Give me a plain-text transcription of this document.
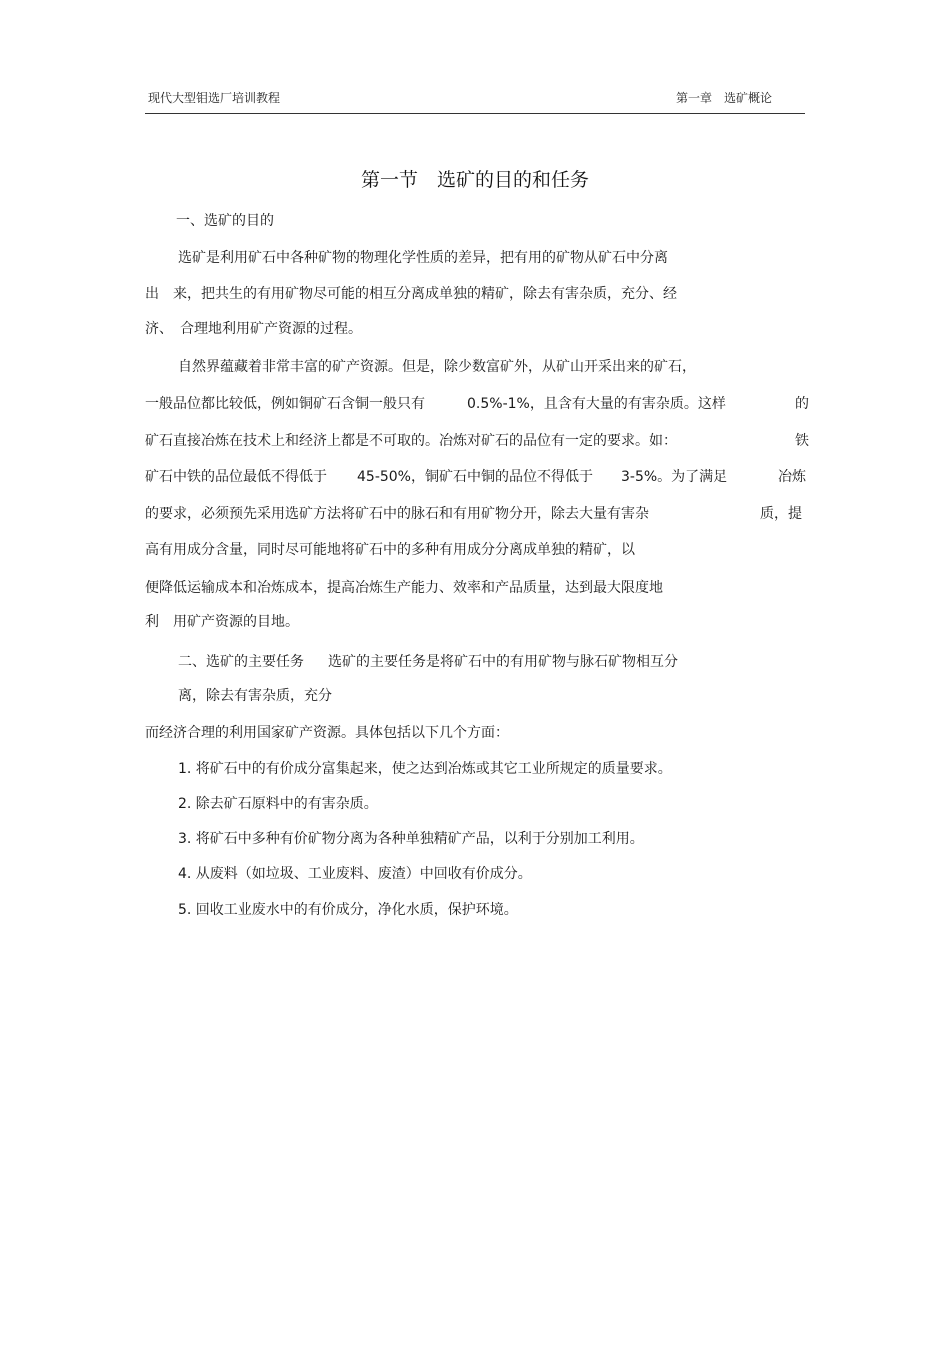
现代大型钼选厂培训教程	第一章　选矿概论
第一节　选矿的目的和任务
一、选矿的目的
选矿是利用矿石中各种矿物的物理化学性质的差异，把有用的矿物从矿石中分离
出　来，把共生的有用矿物尽可能的相互分离成单独的精矿，除去有害杂质，充分、经
济、　合理地利用矿产资源的过程。
自然界蕴藏着非常丰富的矿产资源。但是，除少数富矿外，从矿山开采出来的矿石，
一般品位都比较低，例如铜矿石含铜一般只有	0.5%-1%，且含有大量的有害杂质。这样	的
矿石直接冶炼在技术上和经济上都是不可取的。冶炼对矿石的品位有一定的要求。如：	铁
矿石中铁的品位最低不得低于 45-50%，铜矿石中铜的品位不得低于 3-5%。为了满足	冶炼
的要求，必须预先采用选矿方法将矿石中的脉石和有用矿物分开，除去大量有害杂	质，提
高有用成分含量，同时尽可能地将矿石中的多种有用成分分离成单独的精矿，以
便降低运输成本和冶炼成本，提高冶炼生产能力、效率和产品质量，达到最大限度地
利　用矿产资源的目地。
二、选矿的主要任务 选矿的主要任务是将矿石中的有用矿物与脉石矿物相互分
离，除去有害杂质，充分
而经济合理的利用国家矿产资源。具体包括以下几个方面：
1. 将矿石中的有价成分富集起来，使之达到冶炼或其它工业所规定的质量要求。
2. 除去矿石原料中的有害杂质。
3. 将矿石中多种有价矿物分离为各种单独精矿产品，以利于分别加工利用。
4. 从废料（如垃圾、工业废料、废渣）中回收有价成分。
5. 回收工业废水中的有价成分，净化水质，保护环境。
